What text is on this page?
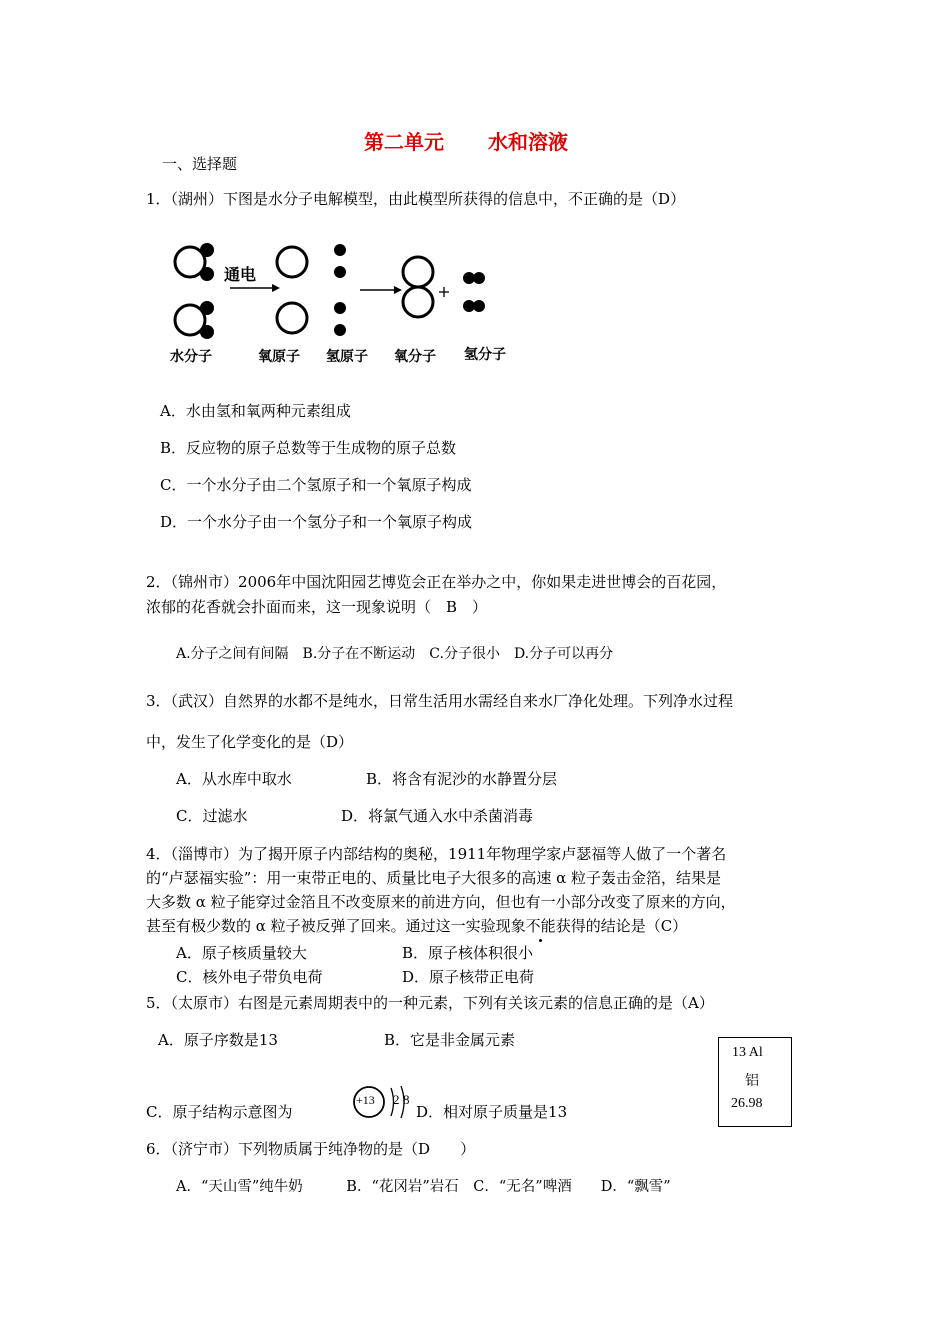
第二单元 水和溶液
一、选择题
1．（湖州）下图是水分子电解模型，由此模型所获得的信息中，不正确的是（D）
通电
水分子	氧原子 氢原子 氧分子 氢分子
A．水由氢和氧两种元素组成
B．反应物的原子总数等于生成物的原子总数
C．一个水分子由二个氢原子和一个氧原子构成
D．一个水分子由一个氢分子和一个氧原子构成
2．（锦州市）2006年中国沈阳园艺博览会正在举办之中，你如果走进世博会的百花园，
浓郁的花香就会扑面而来，这一现象说明（　B　）
A.分子之间有间隔　B.分子在不断运动　C.分子很小　D.分子可以再分
3．（武汉）自然界的水都不是纯水，日常生活用水需经自来水厂净化处理。下列净水过程
中，发生了化学变化的是（D）
A．从水库中取水	B．将含有泥沙的水静置分层
C．过滤水	D．将氯气通入水中杀菌消毒
4．（淄博市）为了揭开原子内部结构的奥秘，1911年物理学家卢瑟福等人做了一个著名
的“卢瑟福实验”：用一束带正电的、质量比电子大很多的高速 α 粒子轰击金箔，结果是
大多数 α 粒子能穿过金箔且不改变原来的前进方向，但也有一小部分改变了原来的方向，
甚至有极少数的 α 粒子被反弹了回来。通过这一实验现象不能获得的结论是（C）
A．原子核质量较大	B．原子核体积很小
C．核外电子带负电荷	D．原子核带正电荷
5．（太原市）右图是元素周期表中的一种元素，下列有关该元素的信息正确的是（A）
A．原子序数是13	B．它是非金属元素
C．原子结构示意图为	D．相对原子质量是13
+13 2 8
13 Al
铝
26.98
6．（济宁市）下列物质属于纯净物的是（D　　）
A．“天山雪”纯牛奶　　　B．“花冈岩”岩石　C．“无名”啤酒　　D．“飘雪”
